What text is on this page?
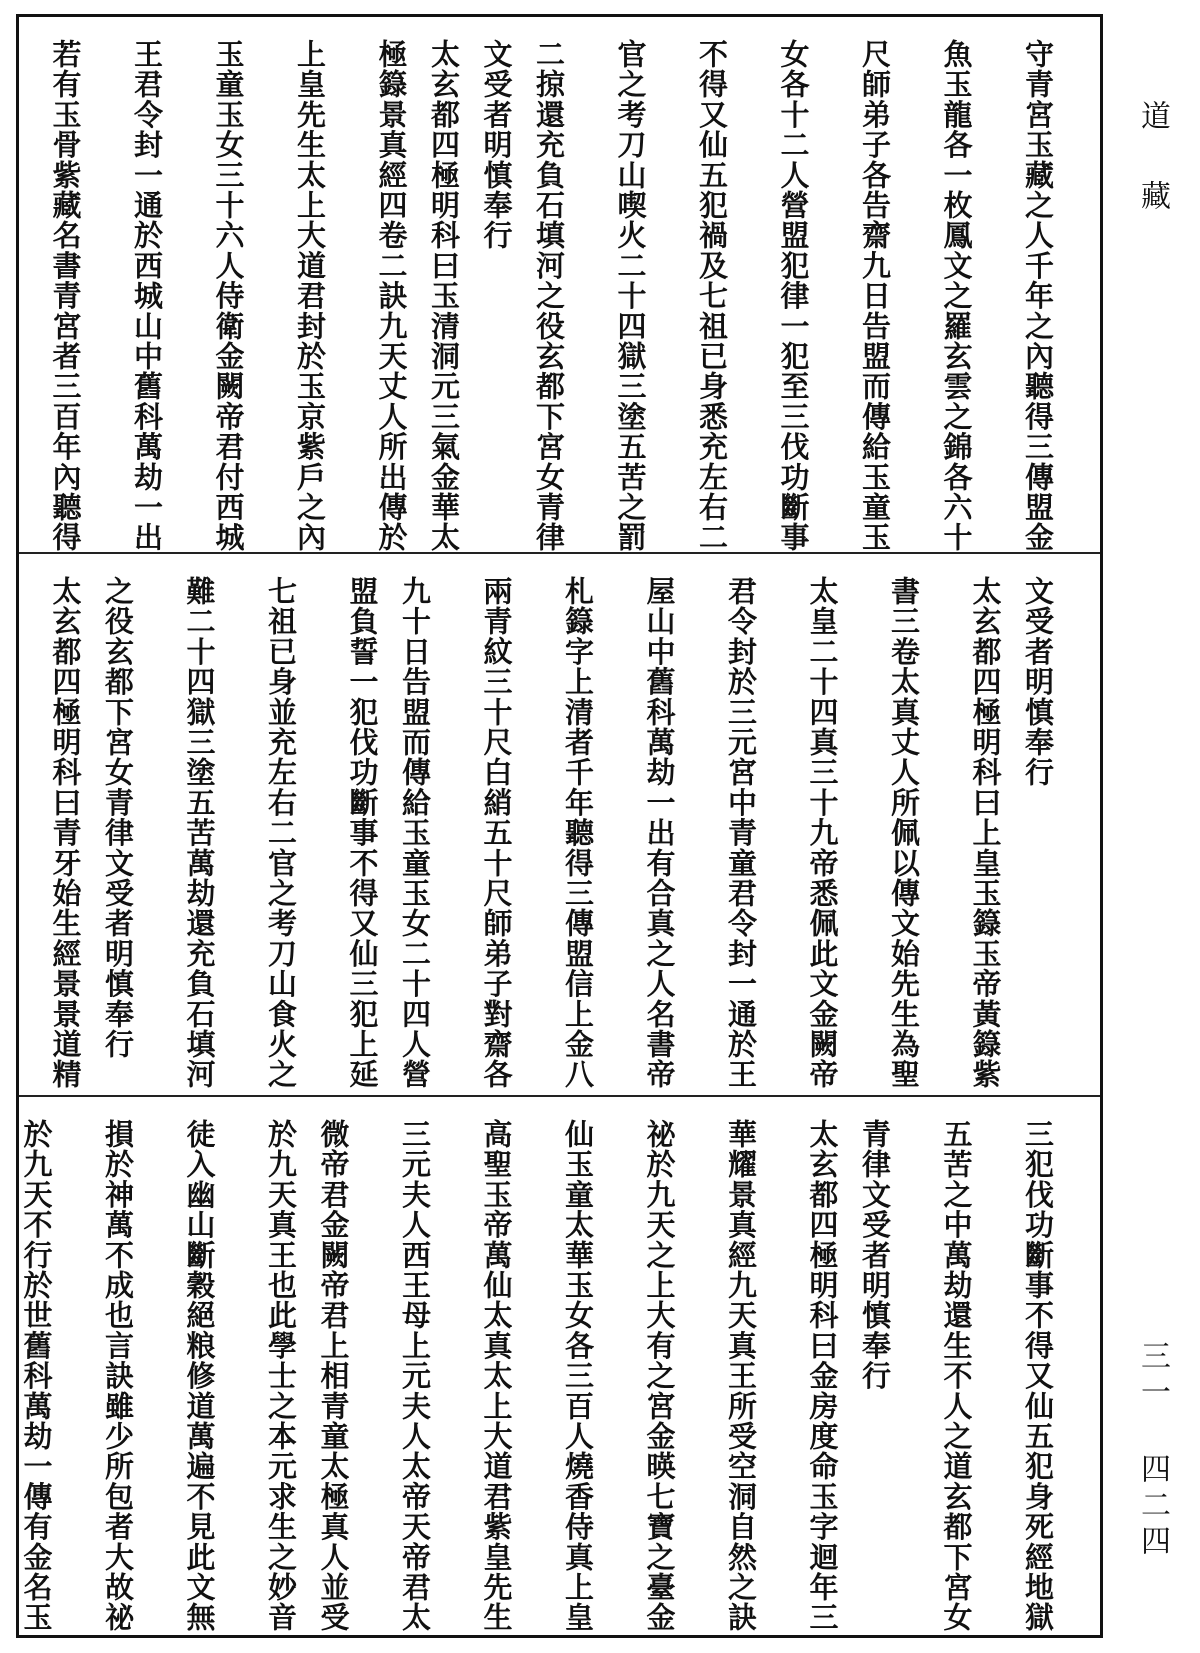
守青宮玉藏之人千年之內聽得三傳盟金
魚玉龍各一枚鳳文之羅玄雲之錦各六十
尺師弟子各告齋九日告盟而傳給玉童玉
女各十二人營盟犯律一犯至三伐功斷事
不得又仙五犯禍及七祖已身悉充左右二
官之考刀山喫火二十四獄三塗五苦之罰
二掠還充負石填河之役玄都下宮女青律
文受者明慎奉行
太玄都四極明科曰玉清洞元三氣金華太
極籙景真經四卷二訣九天丈人所出傳於
上皇先生太上大道君封於玉京紫戶之內
玉童玉女三十六人侍衛金闕帝君付西城
王君令封一通於西城山中舊科萬劫一出
若有玉骨紫藏名書青宮者三百年內聽得
文受者明慎奉行
太玄都四極明科曰上皇玉籙玉帝黃籙紫
書三卷太真丈人所佩以傳文始先生為聖
太皇二十四真三十九帝悉佩此文金闕帝
君令封於三元宮中青童君令封一通於王
屋山中舊科萬劫一出有合真之人名書帝
札籙字上清者千年聽得三傳盟信上金八
兩青紋三十尺白綃五十尺師弟子對齋各
九十日告盟而傳給玉童玉女二十四人營
盟負誓一犯伐功斷事不得又仙三犯上延
七祖已身並充左右二官之考刀山食火之
難二十四獄三塗五苦萬劫還充負石填河
之役玄都下宮女青律文受者明慎奉行
太玄都四極明科曰青牙始生經景景道精
三犯伐功斷事不得又仙五犯身死經地獄
五苦之中萬劫還生不人之道玄都下宮女
青律文受者明慎奉行
太玄都四極明科曰金房度命玉字迴年三
華耀景真經九天真王所受空洞自然之訣
祕於九天之上大有之宮金暎七寶之臺金
仙玉童太華玉女各三百人燒香侍真上皇
高聖玉帝萬仙太真太上大道君紫皇先生
三元夫人西王母上元夫人太帝天帝君太
微帝君金闕帝君上相青童太極真人並受
於九天真王也此學士之本元求生之妙音
徒入幽山斷穀絕粮修道萬遍不見此文無
損於神萬不成也言訣雖少所包者大故祕
於九天不行於世舊科萬劫一傳有金名玉
道藏
三一 四二四
